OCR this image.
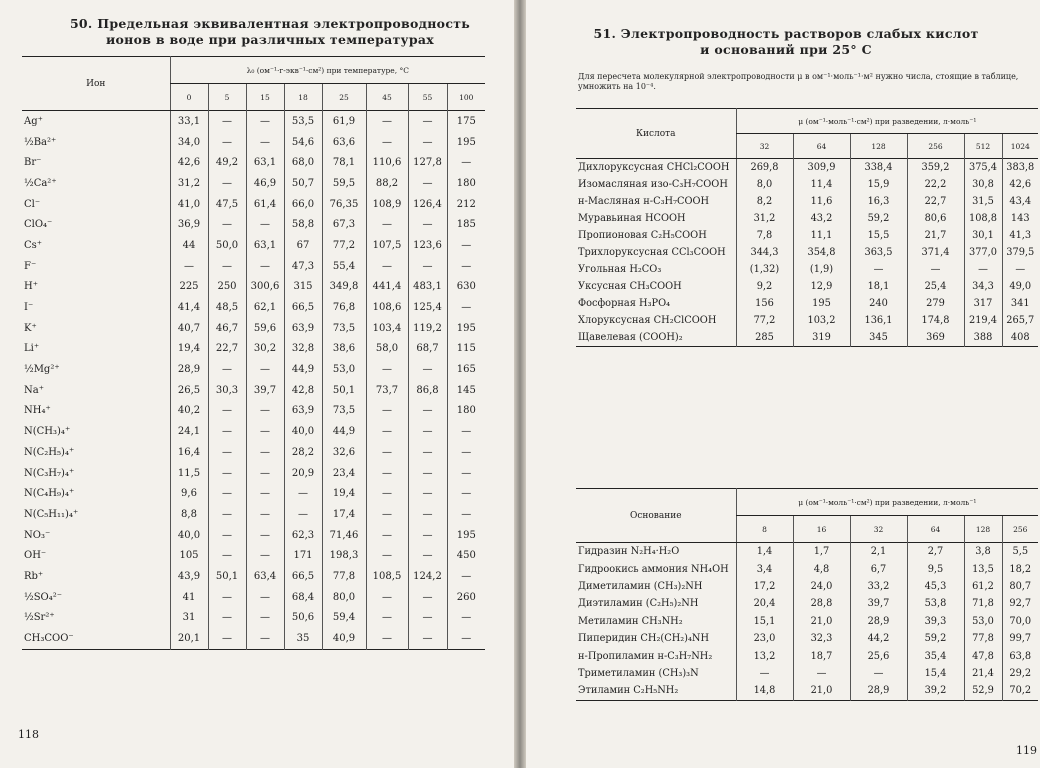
50. Предельная эквивалентная электропроводность
ионов в воде при различных температурах
Ион	λ₀ (ом⁻¹·г-экв⁻¹·см²) при температуре, °С							
	0	5	15	18	25	45	55	100
Ag⁺	33,1	—	—	53,5	61,9	—	—	175
½Ba²⁺	34,0	—	—	54,6	63,6	—	—	195
Br⁻	42,6	49,2	63,1	68,0	78,1	110,6	127,8	—
½Ca²⁺	31,2	—	46,9	50,7	59,5	88,2	—	180
Cl⁻	41,0	47,5	61,4	66,0	76,35	108,9	126,4	212
ClO₄⁻	36,9	—	—	58,8	67,3	—	—	185
Cs⁺	44	50,0	63,1	67	77,2	107,5	123,6	—
F⁻	—	—	—	47,3	55,4	—	—	—
H⁺	225	250	300,6	315	349,8	441,4	483,1	630
I⁻	41,4	48,5	62,1	66,5	76,8	108,6	125,4	—
K⁺	40,7	46,7	59,6	63,9	73,5	103,4	119,2	195
Li⁺	19,4	22,7	30,2	32,8	38,6	58,0	68,7	115
½Mg²⁺	28,9	—	—	44,9	53,0	—	—	165
Na⁺	26,5	30,3	39,7	42,8	50,1	73,7	86,8	145
NH₄⁺	40,2	—	—	63,9	73,5	—	—	180
N(CH₃)₄⁺	24,1	—	—	40,0	44,9	—	—	—
N(C₂H₅)₄⁺	16,4	—	—	28,2	32,6	—	—	—
N(C₃H₇)₄⁺	11,5	—	—	20,9	23,4	—	—	—
N(C₄H₉)₄⁺	9,6	—	—	—	19,4	—	—	—
N(C₅H₁₁)₄⁺	8,8	—	—	—	17,4	—	—	—
NO₃⁻	40,0	—	—	62,3	71,46	—	—	195
OH⁻	105	—	—	171	198,3	—	—	450
Rb⁺	43,9	50,1	63,4	66,5	77,8	108,5	124,2	—
½SO₄²⁻	41	—	—	68,4	80,0	—	—	260
½Sr²⁺	31	—	—	50,6	59,4	—	—	—
CH₃COO⁻	20,1	—	—	35	40,9	—	—	—
118
51. Электропроводность растворов слабых кислот
и оснований при 25° С
Для пересчета молекулярной электропроводности μ в ом⁻¹·моль⁻¹·м² нужно числа, стоящие в таблице, умножить на 10⁻⁴.
Кислота	μ (ом⁻¹·моль⁻¹·см²) при разведении, л·моль⁻¹					
	32	64	128	256	512	1024
Дихлоруксусная CHCl₂COOH	269,8	309,9	338,4	359,2	375,4	383,8
Изомасляная изо-C₃H₇COOH	8,0	11,4	15,9	22,2	30,8	42,6
н-Масляная н-C₃H₇COOH	8,2	11,6	16,3	22,7	31,5	43,4
Муравьиная HCOOH	31,2	43,2	59,2	80,6	108,8	143
Пропионовая C₂H₅COOH	7,8	11,1	15,5	21,7	30,1	41,3
Трихлоруксусная CCl₃COOH	344,3	354,8	363,5	371,4	377,0	379,5
Угольная H₂CO₃	(1,32)	(1,9)	—	—	—	—
Уксусная CH₃COOH	9,2	12,9	18,1	25,4	34,3	49,0
Фосфорная H₃PO₄	156	195	240	279	317	341
Хлоруксусная CH₂ClCOOH	77,2	103,2	136,1	174,8	219,4	265,7
Щавелевая (COOH)₂	285	319	345	369	388	408
Основание	μ (ом⁻¹·моль⁻¹·см²) при разведении, л·моль⁻¹					
	8	16	32	64	128	256
Гидразин N₂H₄·H₂O	1,4	1,7	2,1	2,7	3,8	5,5
Гидроокись аммония NH₄OH	3,4	4,8	6,7	9,5	13,5	18,2
Диметиламин (CH₃)₂NH	17,2	24,0	33,2	45,3	61,2	80,7
Диэтиламин (C₂H₅)₂NH	20,4	28,8	39,7	53,8	71,8	92,7
Метиламин CH₃NH₂	15,1	21,0	28,9	39,3	53,0	70,0
Пиперидин CH₂(CH₂)₄NH	23,0	32,3	44,2	59,2	77,8	99,7
н-Пропиламин н-C₃H₇NH₂	13,2	18,7	25,6	35,4	47,8	63,8
Триметиламин (CH₃)₃N	—	—	—	15,4	21,4	29,2
Этиламин C₂H₅NH₂	14,8	21,0	28,9	39,2	52,9	70,2
119
